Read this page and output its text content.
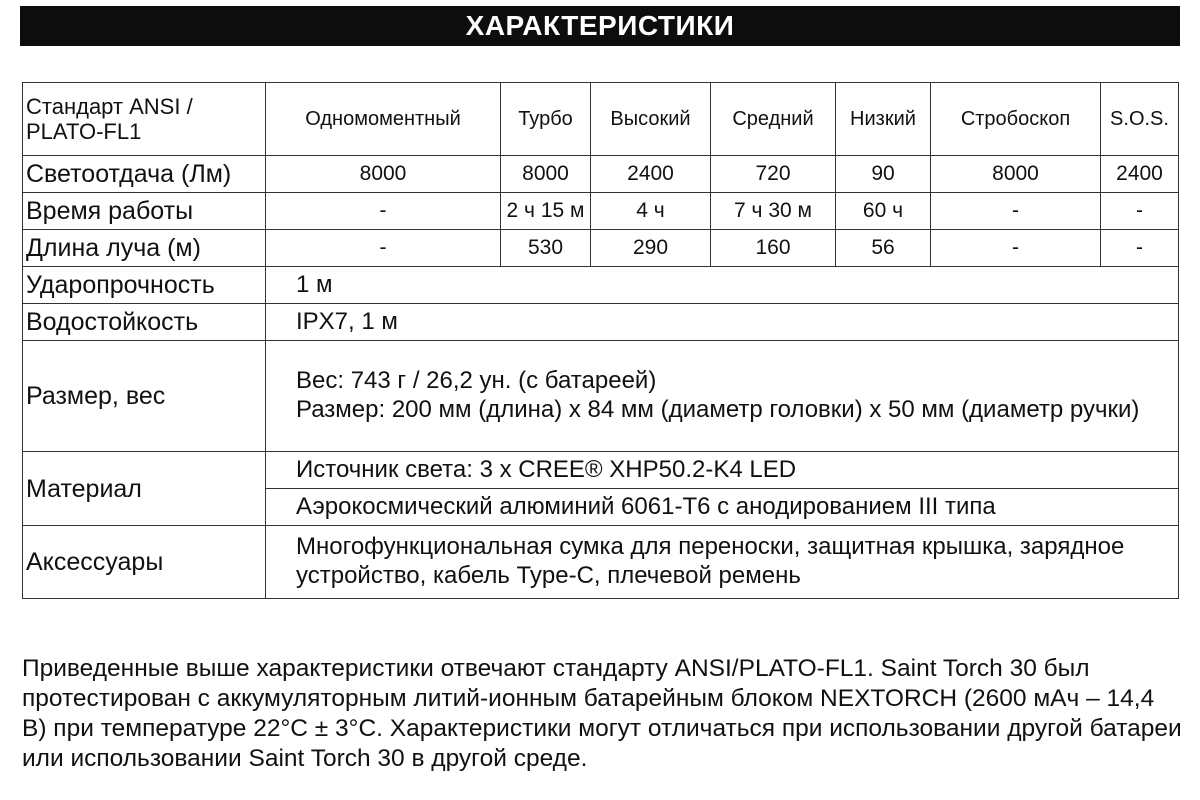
ХАРАКТЕРИСТИКИ
Стандарт ANSI / PLATO-FL1	Одномоментный	Турбо	Высокий	Средний	Низкий	Стробоскоп	S.O.S.
Светоотдача (Лм)	8000	8000	2400	720	90	8000	2400
Время работы	-	2 ч 15 м	4 ч	7 ч 30 м	60 ч	-	-
Длина луча (м)	-	530	290	160	56	-	-
Ударопрочность	1 м						
Водостойкость	IPX7, 1 м						
Размер, вес	Вес: 743 г / 26,2 ун. (с батареей)
Размер: 200 мм (длина) x 84 мм (диаметр головки) x 50 мм (диаметр ручки)						

Материал	Источник света: 3 x CREE® XHP50.2-K4 LED						
	Аэрокосмический алюминий 6061-T6 с анодированием III типа						
Аксессуары	Многофункциональная сумка для переноски, защитная крышка, зарядное устройство, кабель Type-C, плечевой ремень						

Приведенные выше характеристики отвечают стандарту ANSI/PLATO-FL1. Saint Torch 30 был протестирован с аккумуляторным литий-ионным батарейным блоком NEXTORCH (2600 мАч – 14,4 В) при температуре 22°C ± 3°C. Характеристики могут отличаться при использовании другой батареи или использовании Saint Torch 30 в другой среде.
